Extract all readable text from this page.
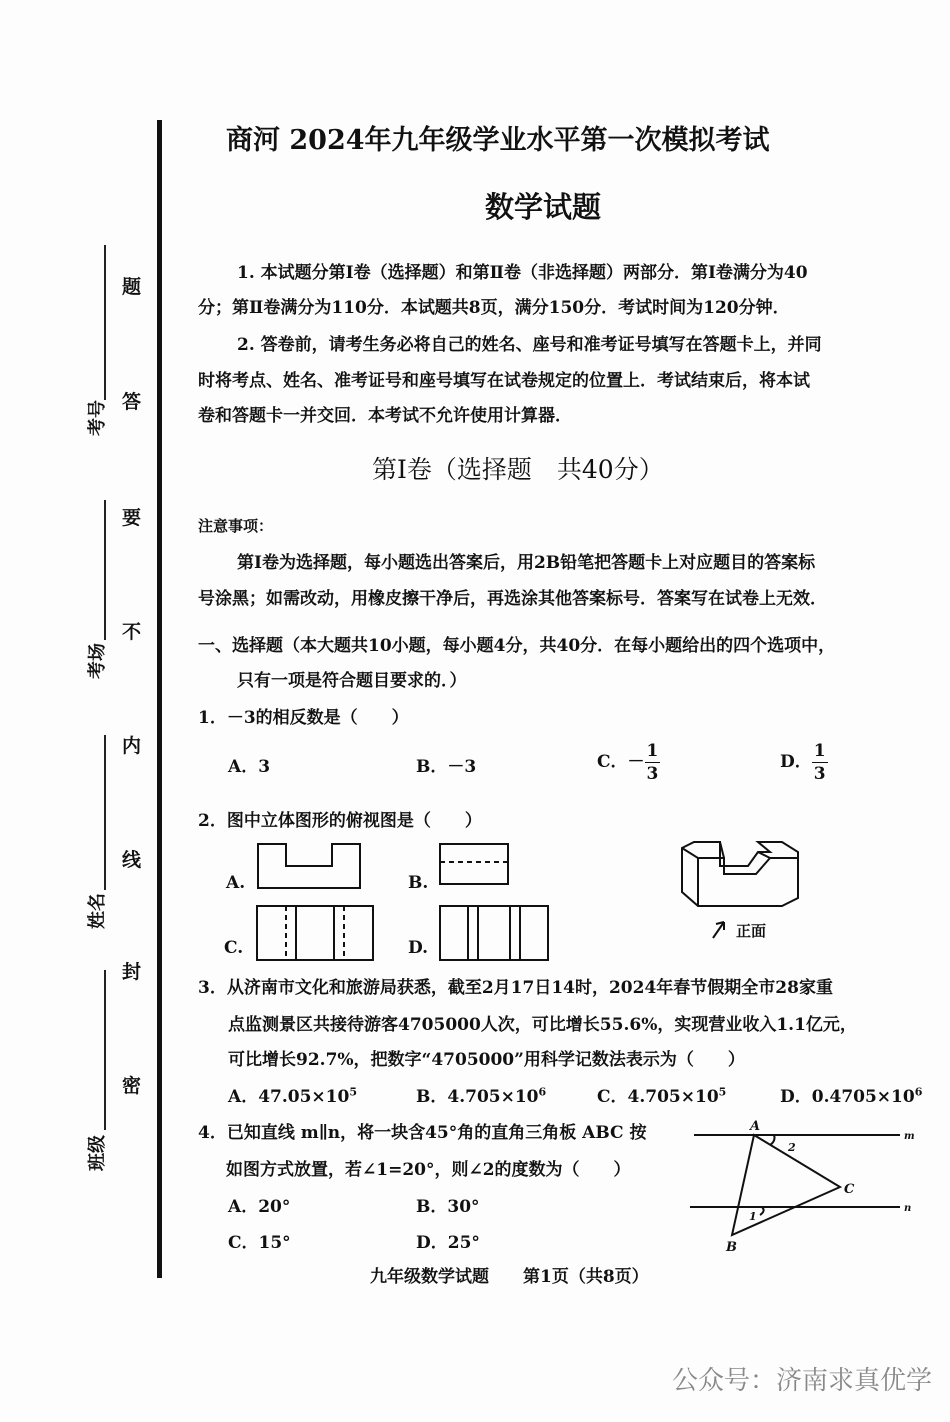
题
答
要
不
内
线
封
密
考号
考场
姓名
班级
商河 2024年九年级学业水平第一次模拟考试
数学试题
1. 本试题分第Ⅰ卷（选择题）和第Ⅱ卷（非选择题）两部分．第Ⅰ卷满分为40
分；第Ⅱ卷满分为110分．本试题共8页，满分150分．考试时间为120分钟．
2. 答卷前，请考生务必将自己的姓名、座号和准考证号填写在答题卡上，并同
时将考点、姓名、准考证号和座号填写在试卷规定的位置上．考试结束后，将本试
卷和答题卡一并交回．本考试不允许使用计算器．
第Ⅰ卷（选择题　共40分）
注意事项：
第Ⅰ卷为选择题，每小题选出答案后，用2B铅笔把答题卡上对应题目的答案标
号涂黑；如需改动，用橡皮擦干净后，再选涂其他答案标号．答案写在试卷上无效．
一、选择题（本大题共10小题，每小题4分，共40分．在每小题给出的四个选项中，
只有一项是符合题目要求的．）
1．－3的相反数是（　　）
A．3	B．－3	C．－ $\frac{1}{3}$	D． $\frac{1}{3}$
2．图中立体图形的俯视图是（　　）
A.	B.
C.	D.
正面
3．从济南市文化和旅游局获悉，截至2月17日14时，2024年春节假期全市28家重
点监测景区共接待游客4705000人次，可比增长55.6%，实现营业收入1.1亿元，
可比增长92.7%，把数字“4705000”用科学记数法表示为（　　）
A．$47.05\times 10^5$	B．$4.705\times 10^6$	C．$4.705\times 10^5$	D．$0.4705\times 10^6$
4．已知直线 m∥n，将一块含45°角的直角三角板 ABC 按
如图方式放置，若∠1=20°，则∠2的度数为（　　）
A．20°	B．30°
C．15°	D．25°
A
B
C
m
n
1
2
九年级数学试题　　第1页（共8页）
公众号：济南求真优学
